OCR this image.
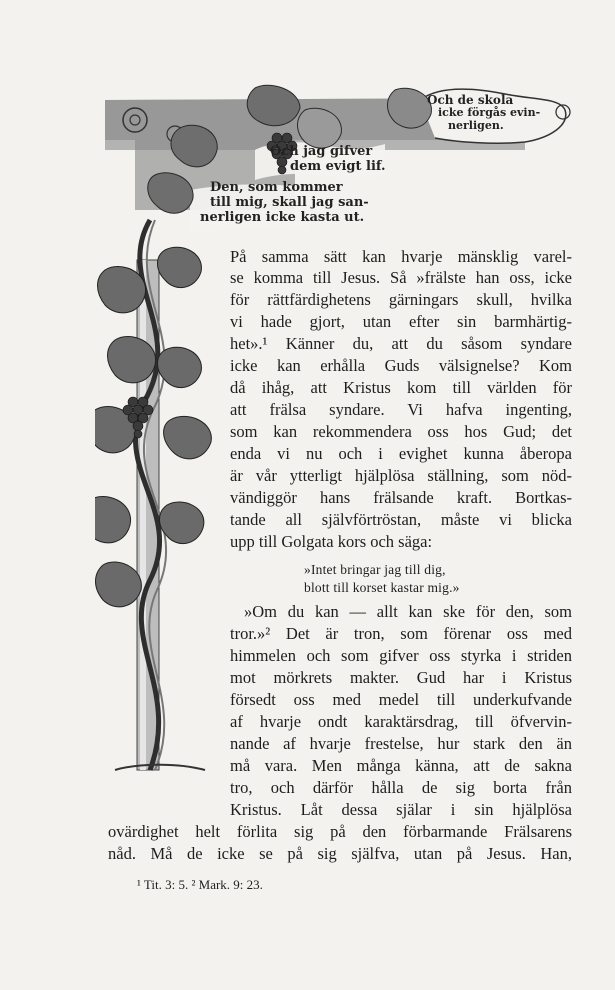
Och de skola
icke förgås evin-
nerligen.
Och jag gifver
dem evigt lif.
Den, som kommer
till mig, skall jag san-
nerligen icke kasta ut.
På samma sätt kan hvarje mänsklig varel-
se komma till Jesus. Så »frälste han oss, icke
för rättfärdighetens gärningars skull, hvilka
vi hade gjort, utan efter sin barmhärtig-
het».¹ Känner du, att du såsom syndare
icke kan erhålla Guds välsignelse? Kom
då ihåg, att Kristus kom till världen för
att frälsa syndare. Vi hafva ingenting,
som kan rekommendera oss hos Gud; det
enda vi nu och i evighet kunna åberopa
är vår ytterligt hjälplösa ställning, som nöd-
vändiggör hans frälsande kraft. Bortkas-
tande all självförtröstan, måste vi blicka
upp till Golgata kors och säga:
»Intet bringar jag till dig,
blott till korset kastar mig.»
»Om du kan — allt kan ske för den, som
tror.»² Det är tron, som förenar oss med
himmelen och som gifver oss styrka i striden
mot mörkrets makter. Gud har i Kristus
försedt oss med medel till underkufvande
af hvarje ondt karaktärsdrag, till öfvervin-
nande af hvarje frestelse, hur stark den än
må vara. Men många känna, att de sakna
tro, och därför hålla de sig borta från
Kristus. Låt dessa själar i sin hjälplösa
ovärdighet helt förlita sig på den förbarmande Frälsarens
nåd. Må de icke se på sig själfva, utan på Jesus. Han,
¹ Tit. 3: 5. ² Mark. 9: 23.
